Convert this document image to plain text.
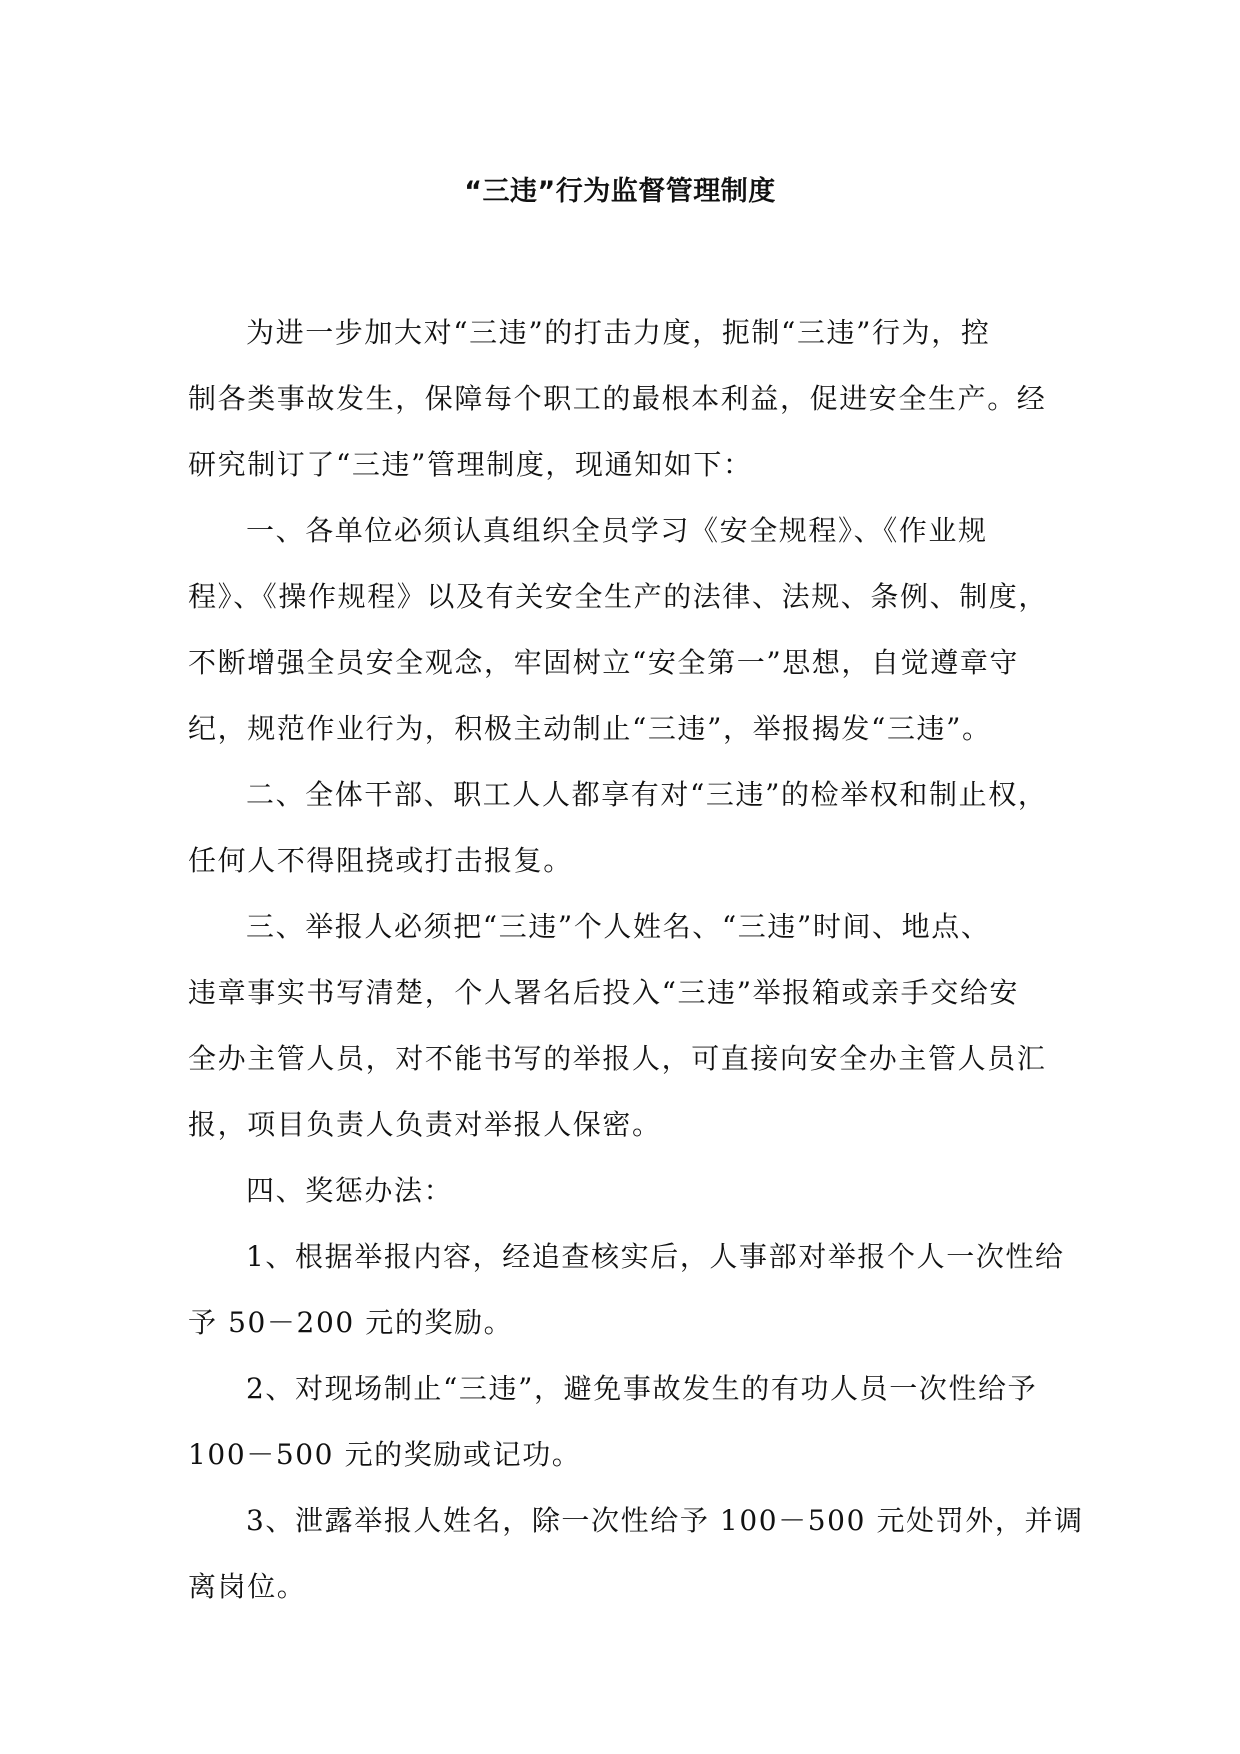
“三违”行为监督管理制度
为进一步加大对“三违”的打击力度，扼制“三违”行为，控
制各类事故发生，保障每个职工的最根本利益，促进安全生产。经
研究制订了“三违”管理制度，现通知如下：
一、各单位必须认真组织全员学习《安全规程》、《作业规
程》、《操作规程》以及有关安全生产的法律、法规、条例、制度，
不断增强全员安全观念，牢固树立“安全第一”思想，自觉遵章守
纪，规范作业行为，积极主动制止“三违”，举报揭发“三违”。
二、全体干部、职工人人都享有对“三违”的检举权和制止权，
任何人不得阻挠或打击报复。
三、举报人必须把“三违”个人姓名、“三违”时间、地点、
违章事实书写清楚，个人署名后投入“三违”举报箱或亲手交给安
全办主管人员，对不能书写的举报人，可直接向安全办主管人员汇
报，项目负责人负责对举报人保密。
四、奖惩办法：
1、根据举报内容，经追查核实后，人事部对举报个人一次性给
予 50－200 元的奖励。
2、对现场制止“三违”，避免事故发生的有功人员一次性给予
100－500 元的奖励或记功。
3、泄露举报人姓名，除一次性给予 100－500 元处罚外，并调
离岗位。
